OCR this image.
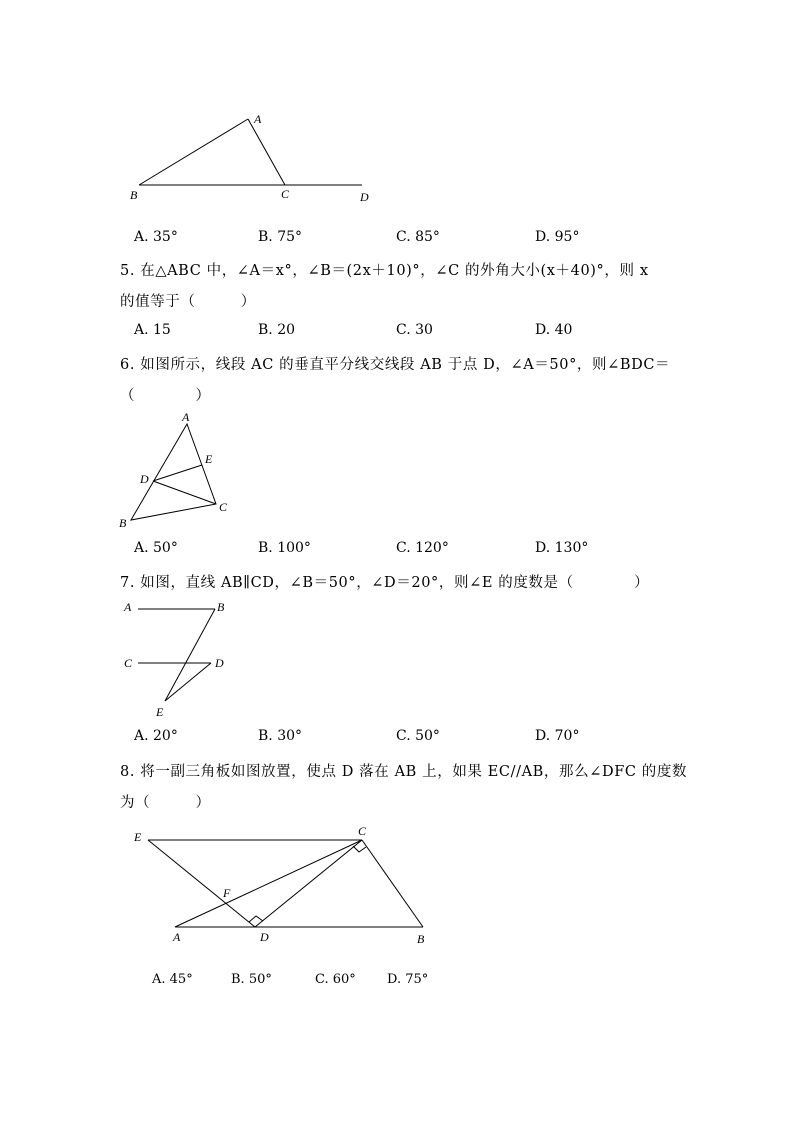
A
B	C	D
A. 35°	B. 75°	C. 85°	D. 95°
5. 在△ABC 中，∠A＝x°，∠B＝(2x＋10)°，∠C 的外角大小(x＋40)°，则 x
的值等于（　　　）
A. 15	B. 20	C. 30	D. 40
6. 如图所示，线段 AC 的垂直平分线交线段 AB 于点 D，∠A＝50°，则∠BDC＝
（　　　　）
A
B
C
D
E
A. 50°	B. 100°	C. 120°	D. 130°
7. 如图，直线 AB∥CD，∠B＝50°，∠D＝20°，则∠E 的度数是（　　　　）
A	B
C	D
E
A. 20°	B. 30°	C. 50°	D. 70°
8. 将一副三角板如图放置，使点 D 落在 AB 上，如果 EC//AB，那么∠DFC 的度数
为（　　　）
E	C
F
A	D	B
A. 45°	B. 50°	C. 60° D. 75°
